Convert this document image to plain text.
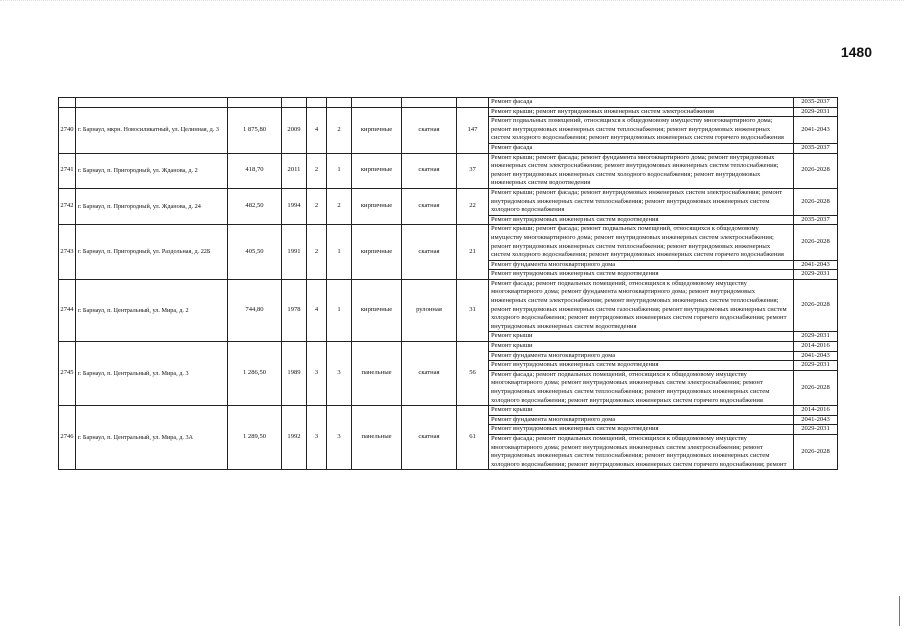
1480
									Ремонт фасада	2035-2037
2740	г. Барнаул, мкрн. Новосиликатный, ул. Целинная, д. 3	1 875,80	2009	4	2	кирпичные	скатная	147	Ремонт крыши; ремонт внутридомовых инженерных систем электроснабжения	2029-2031
									Ремонт подвальных помещений, относящихся к общедомовому имуществу многоквартирного дома; ремонт внутридомовых инженерных систем теплоснабжения; ремонт внутридомовых инженерных систем холодного водоснабжения; ремонт внутридомовых инженерных систем горячего водоснабжения	2041-2043
									Ремонт фасада	2035-2037
2741	г. Барнаул, п. Пригородный, ул. Жданова, д. 2	418,70	2011	2	1	кирпичные	скатная	37	Ремонт крыши; ремонт фасада; ремонт фундамента многоквартирного дома; ремонт внутридомовых инженерных систем электроснабжения; ремонт внутридомовых инженерных систем теплоснабжения; ремонт внутридомовых инженерных систем холодного водоснабжения; ремонт внутридомовых инженерных систем водоотведения	2026-2028
2742	г. Барнаул, п. Пригородный, ул. Жданова, д. 24	482,50	1994	2	2	кирпичные	скатная	22	Ремонт крыши; ремонт фасада; ремонт внутридомовых инженерных систем электроснабжения; ремонт внутридомовых инженерных систем теплоснабжения; ремонт внутридомовых инженерных систем холодного водоснабжения	2026-2028
									Ремонт внутридомовых инженерных систем водоотведения	2035-2037
2743	г. Барнаул, п. Пригородный, ул. Раздольная, д. 22Б	405,50	1991	2	1	кирпичные	скатная	21	Ремонт крыши; ремонт фасада; ремонт подвальных помещений, относящихся к общедомовому имуществу многоквартирного дома; ремонт внутридомовых инженерных систем электроснабжения; ремонт внутридомовых инженерных систем теплоснабжения; ремонт внутридомовых инженерных систем холодного водоснабжения; ремонт внутридомовых инженерных систем горячего водоснабжения	2026-2028
									Ремонт фундамента многоквартирного дома	2041-2043
									Ремонт внутридомовых инженерных систем водоотведения	2029-2031
2744	г. Барнаул, п. Центральный, ул. Мира, д. 2	744,80	1978	4	1	кирпичные	рулонная	31	Ремонт фасада; ремонт подвальных помещений, относящихся к общедомовому имуществу многоквартирного дома; ремонт фундамента многоквартирного дома; ремонт внутридомовых инженерных систем электроснабжения; ремонт внутридомовых инженерных систем теплоснабжения; ремонт внутридомовых инженерных систем газоснабжения; ремонт внутридомовых инженерных систем холодного водоснабжения; ремонт внутридомовых инженерных систем горячего водоснабжения; ремонт внутридомовых инженерных систем водоотведения	2026-2028
									Ремонт крыши	2029-2031
2745	г. Барнаул, п. Центральный, ул. Мира, д. 3	1 286,50	1989	3	3	панельные	скатная	56	Ремонт крыши	2014-2016
									Ремонт фундамента многоквартирного дома	2041-2043
									Ремонт внутридомовых инженерных систем водоотведения	2029-2031
									Ремонт фасада; ремонт подвальных помещений, относящихся к общедомовому имуществу многоквартирного дома; ремонт внутридомовых инженерных систем электроснабжения; ремонт внутридомовых инженерных систем теплоснабжения; ремонт внутридомовых инженерных систем холодного водоснабжения; ремонт внутридомовых инженерных систем горячего водоснабжения	2026-2028
2746	г. Барнаул, п. Центральный, ул. Мира, д. 3А	1 289,50	1992	3	3	панельные	скатная	61	Ремонт крыши	2014-2016
									Ремонт фундамента многоквартирного дома	2041-2043
									Ремонт внутридомовых инженерных систем водоотведения	2029-2031
									Ремонт фасада; ремонт подвальных помещений, относящихся к общедомовому имуществу многоквартирного дома; ремонт внутридомовых инженерных систем электроснабжения; ремонт внутридомовых инженерных систем теплоснабжения; ремонт внутридомовых инженерных систем холодного водоснабжения; ремонт внутридомовых инженерных систем горячего водоснабжения; ремонт	2026-2028
